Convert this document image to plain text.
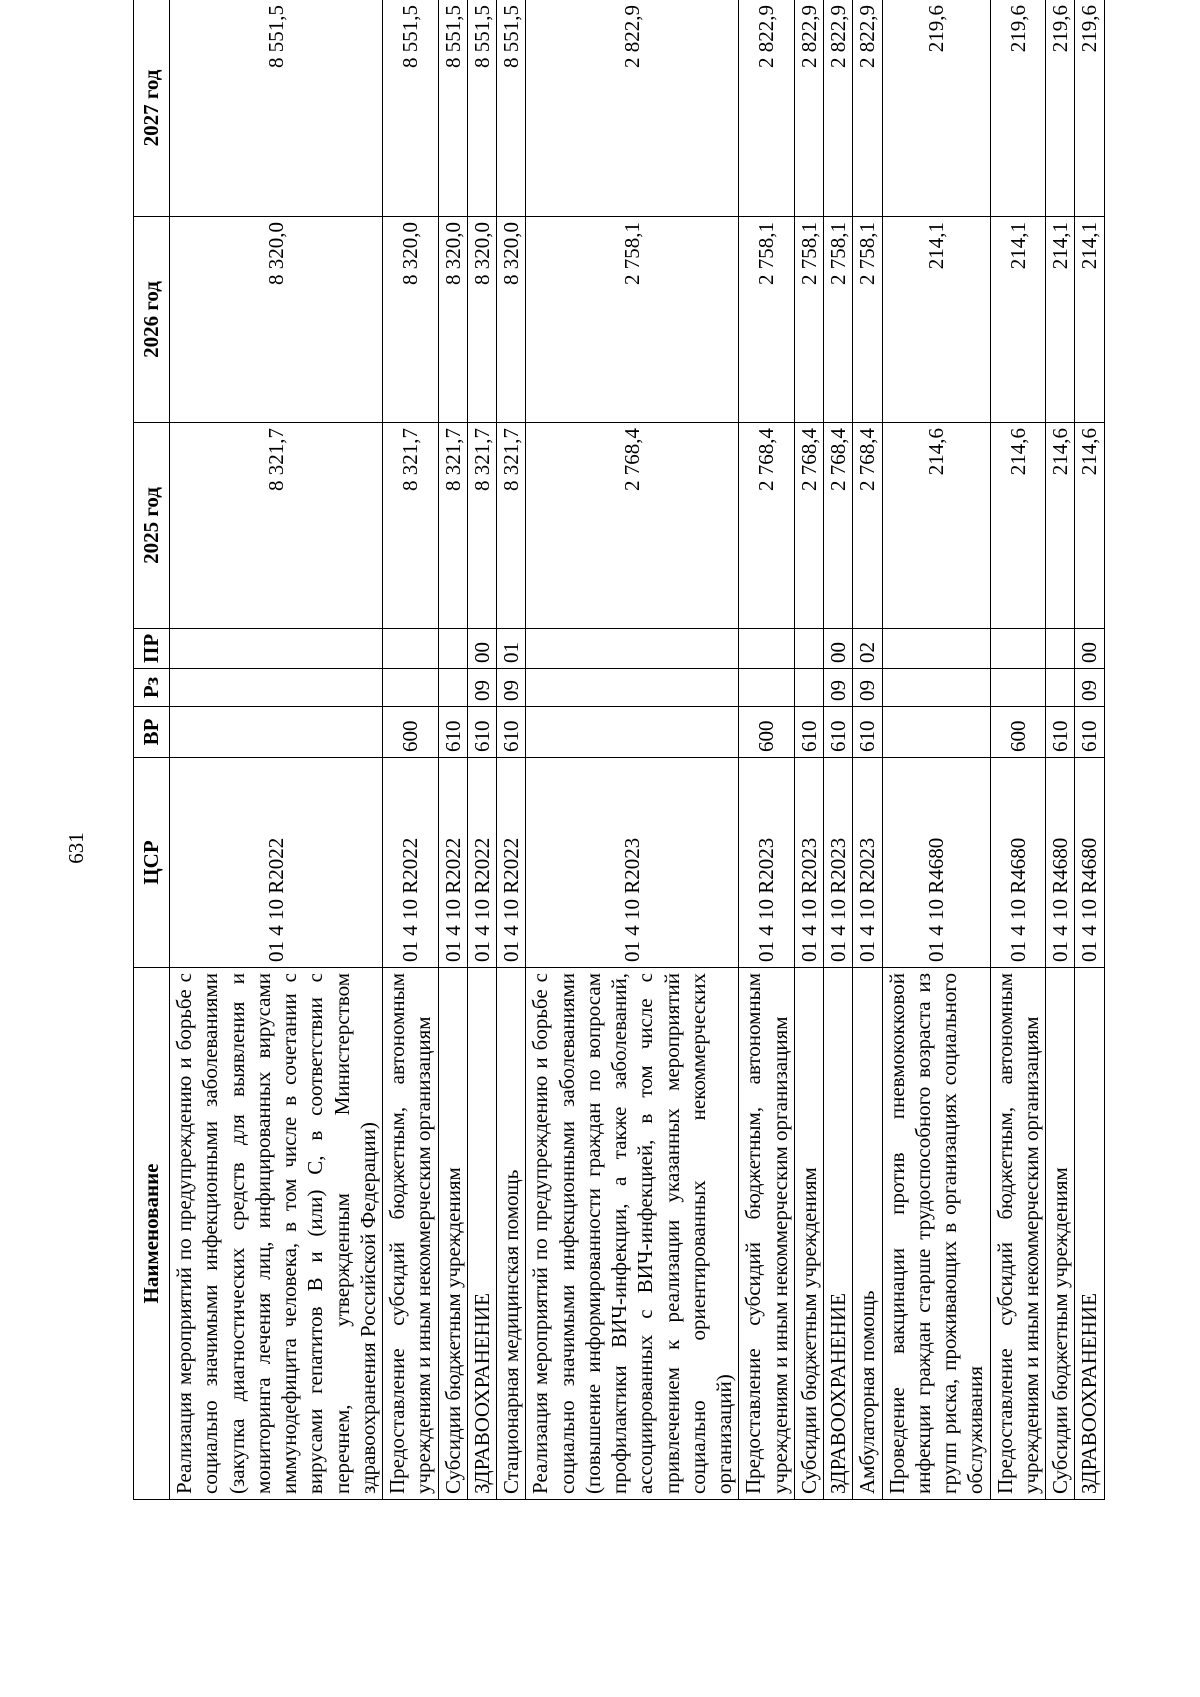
631
Наименование	ЦСР	ВР	Рз	ПР	2025 год	2026 год	2027 год
Реализация мероприятий по предупреждению и борьбе с социально значимыми инфекционными заболеваниями (закупка диагностических средств для выявления и мониторинга лечения лиц, инфицированных вирусами иммунодефицита человека, в том числе в сочетании с вирусами гепатитов В и (или) С, в соответствии с перечнем, утвержденным Министерством здравоохранения Российской Федерации)	01 4 10 R2022				8 321,7	8 320,0	8 551,5
Предоставление субсидий бюджетным, автономным учреждениям и иным некоммерческим организациям	01 4 10 R2022	600			8 321,7	8 320,0	8 551,5
Субсидии бюджетным учреждениям	01 4 10 R2022	610			8 321,7	8 320,0	8 551,5
ЗДРАВООХРАНЕНИЕ	01 4 10 R2022	610	09	00	8 321,7	8 320,0	8 551,5
Стационарная медицинская помощь	01 4 10 R2022	610	09	01	8 321,7	8 320,0	8 551,5
Реализация мероприятий по предупреждению и борьбе с социально значимыми инфекционными заболеваниями (повышение информированности граждан по вопросам профилактики ВИЧ-инфекции, а также заболеваний, ассоциированных с ВИЧ-инфекцией, в том числе с привлечением к реализации указанных мероприятий социально ориентированных некоммерческих организаций)	01 4 10 R2023				2 768,4	2 758,1	2 822,9
Предоставление субсидий бюджетным, автономным учреждениям и иным некоммерческим организациям	01 4 10 R2023	600			2 768,4	2 758,1	2 822,9
Субсидии бюджетным учреждениям	01 4 10 R2023	610			2 768,4	2 758,1	2 822,9
ЗДРАВООХРАНЕНИЕ	01 4 10 R2023	610	09	00	2 768,4	2 758,1	2 822,9
Амбулаторная помощь	01 4 10 R2023	610	09	02	2 768,4	2 758,1	2 822,9
Проведение вакцинации против пневмококковой инфекции граждан старше трудоспособного возраста из групп риска, проживающих в организациях социального обслуживания	01 4 10 R4680				214,6	214,1	219,6
Предоставление субсидий бюджетным, автономным учреждениям и иным некоммерческим организациям	01 4 10 R4680	600			214,6	214,1	219,6
Субсидии бюджетным учреждениям	01 4 10 R4680	610			214,6	214,1	219,6
ЗДРАВООХРАНЕНИЕ	01 4 10 R4680	610	09	00	214,6	214,1	219,6
